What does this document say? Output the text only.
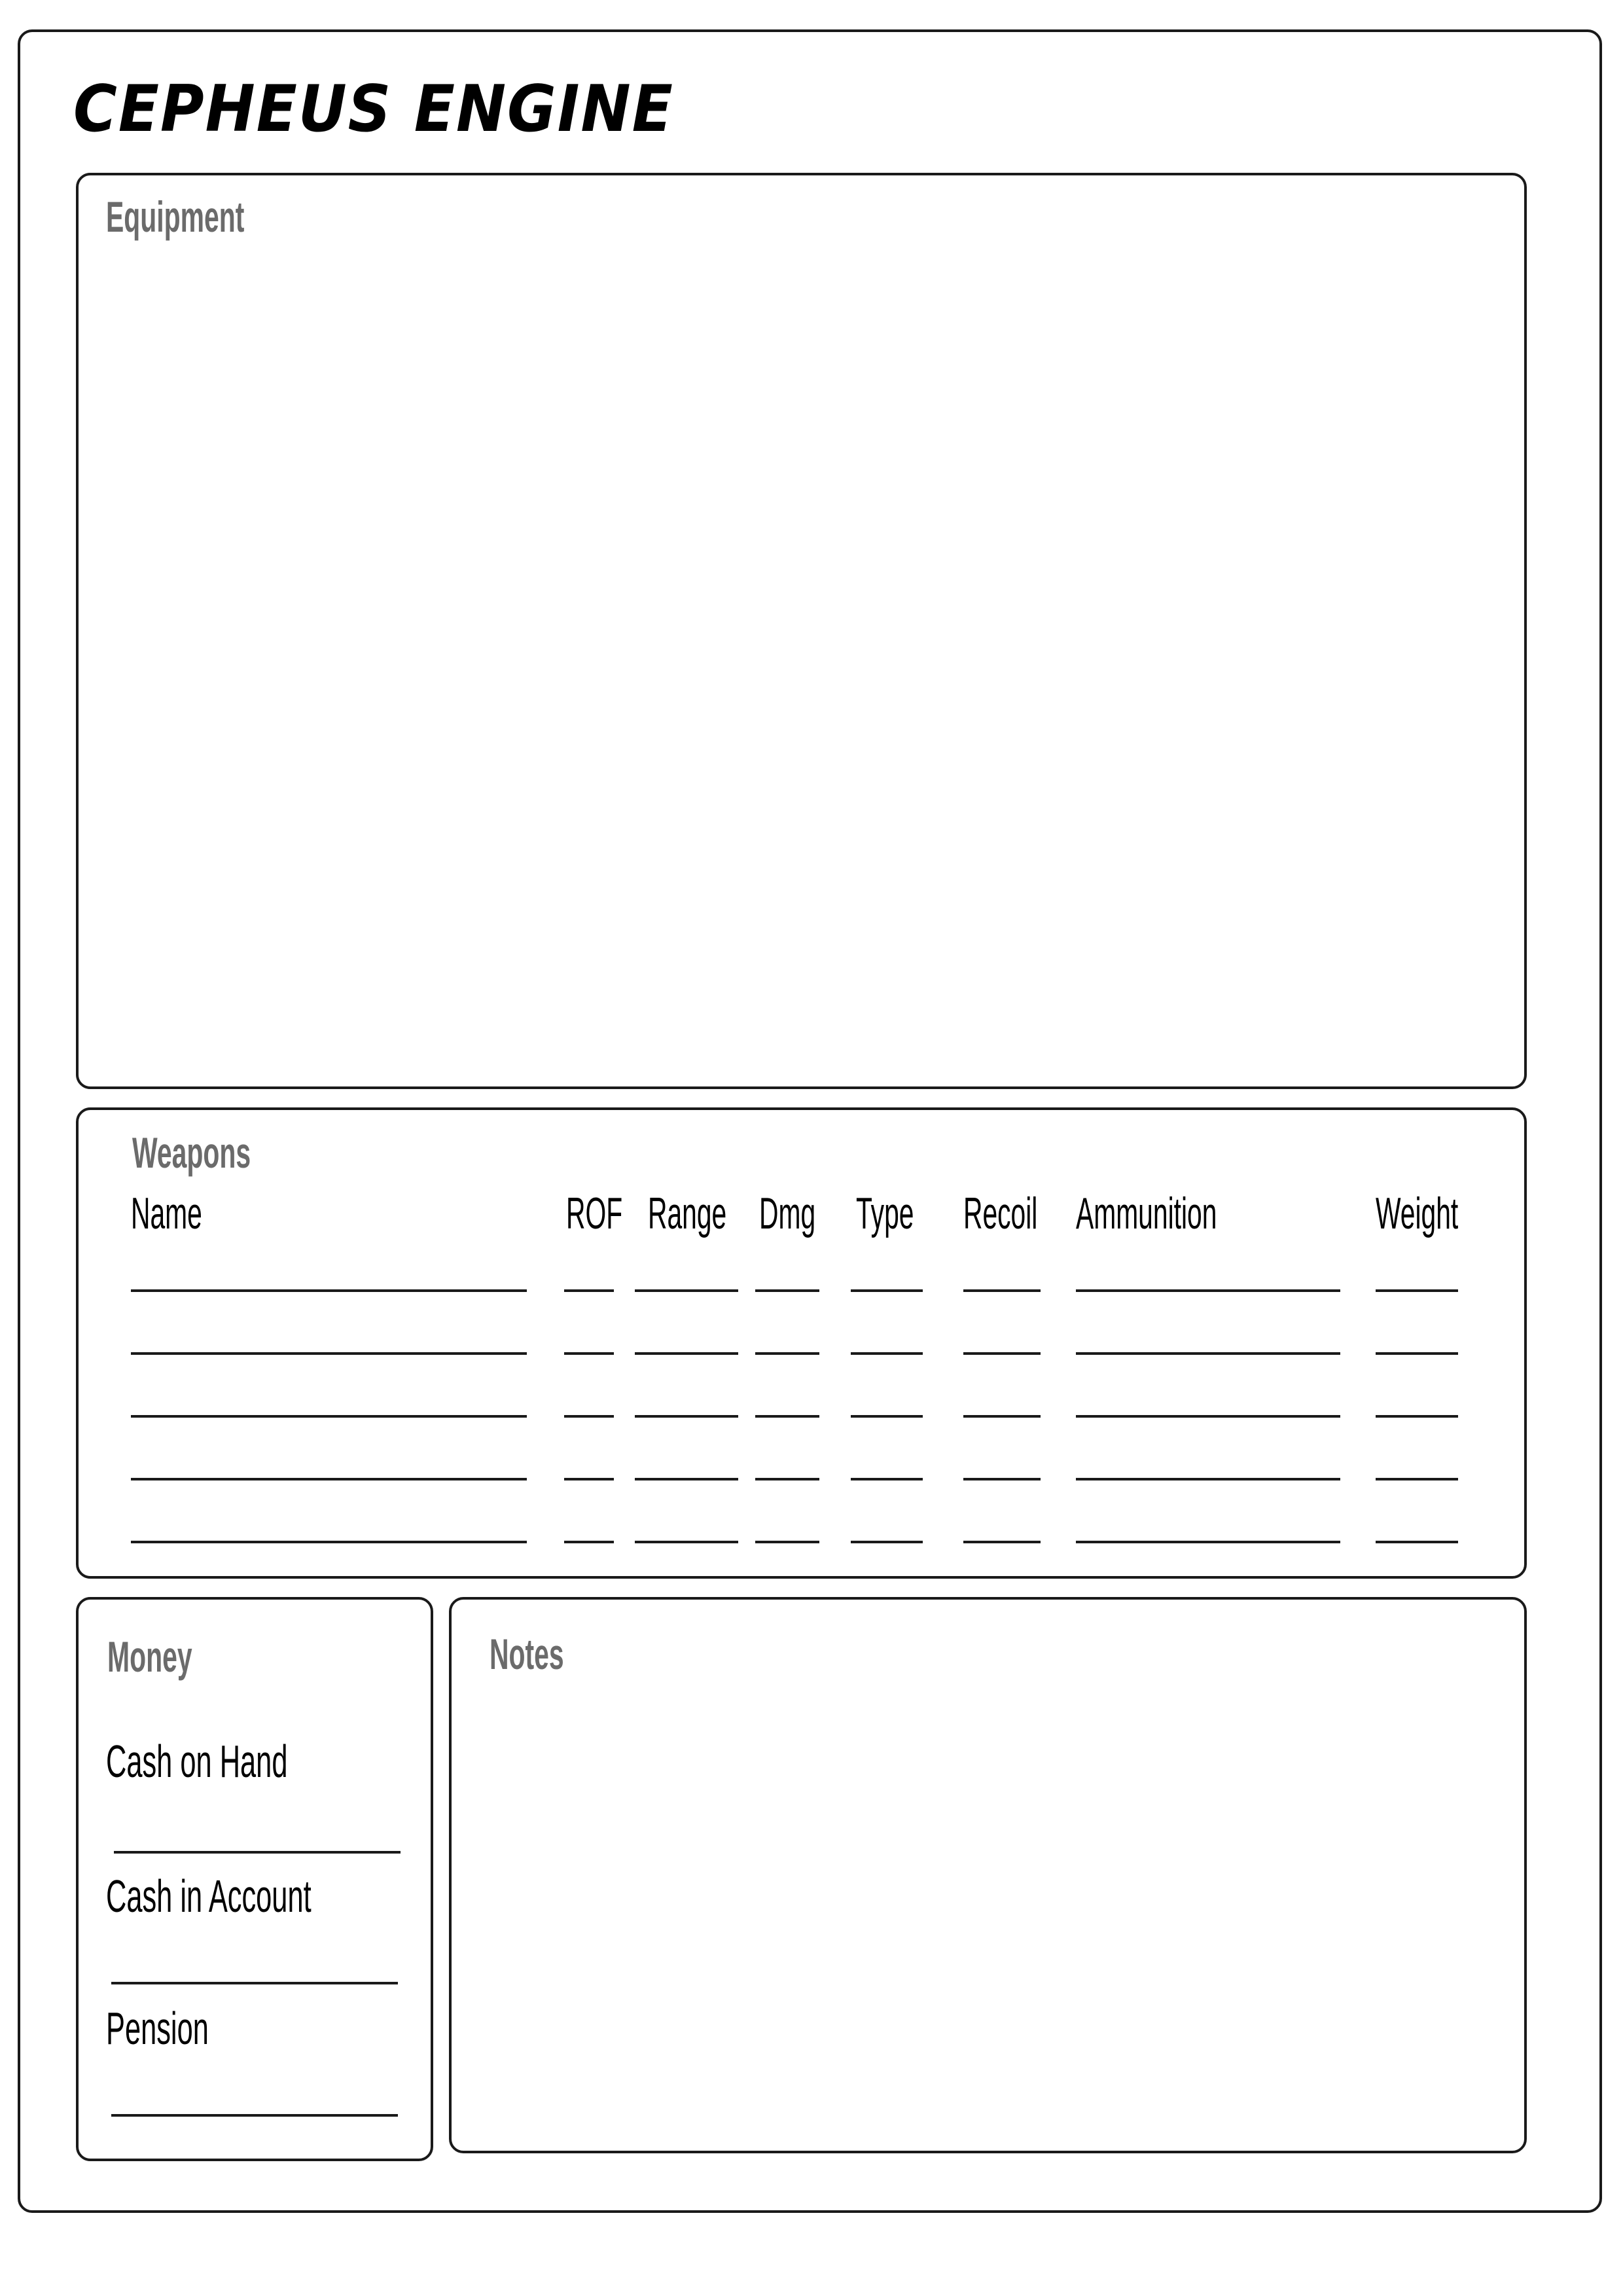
CEPHEUS ENGINE
Equipment
Weapons
Name	ROF Range Dmg Type Recoil Ammunition	Weight
Money
Cash on Hand
Cash in Account
Pension
Notes
